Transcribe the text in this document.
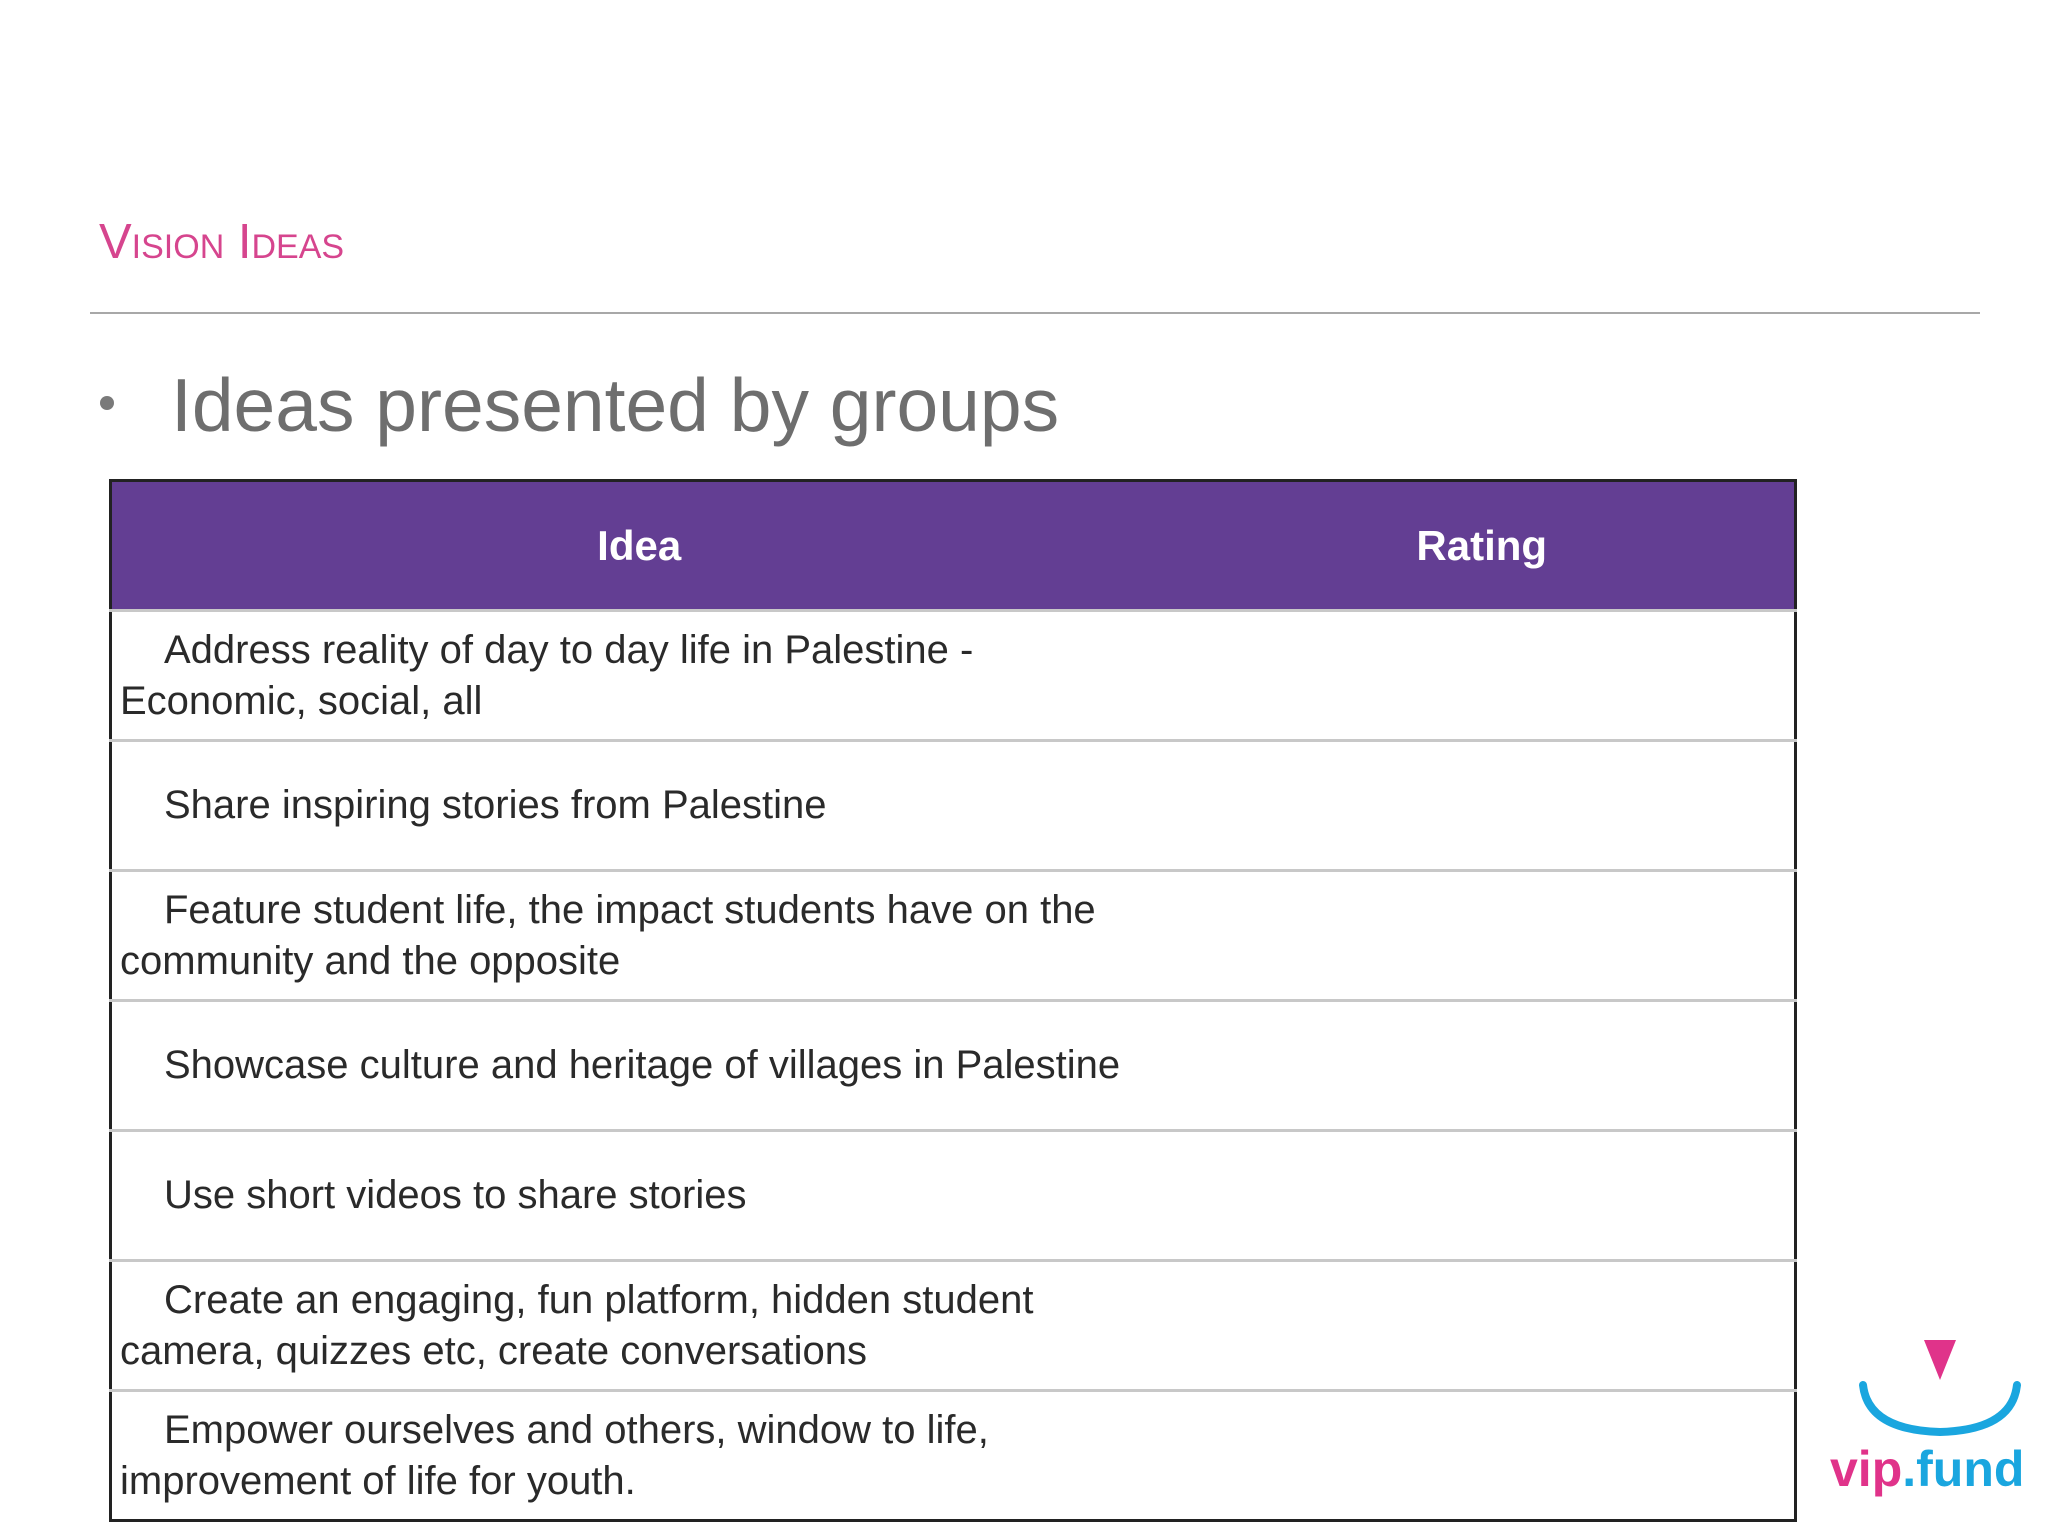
Vision Ideas
Ideas presented by groups
Idea	Rating
Address reality of day to day life in Palestine - Economic, social, all	
Share inspiring stories from Palestine	
Feature student life, the impact students have on the community and the opposite	
Showcase culture and heritage of villages in Palestine	
Use short videos to share stories	
Create an engaging, fun platform, hidden student camera, quizzes etc, create conversations	
Empower ourselves and others, window to life, improvement of life for youth.		vip.fund
